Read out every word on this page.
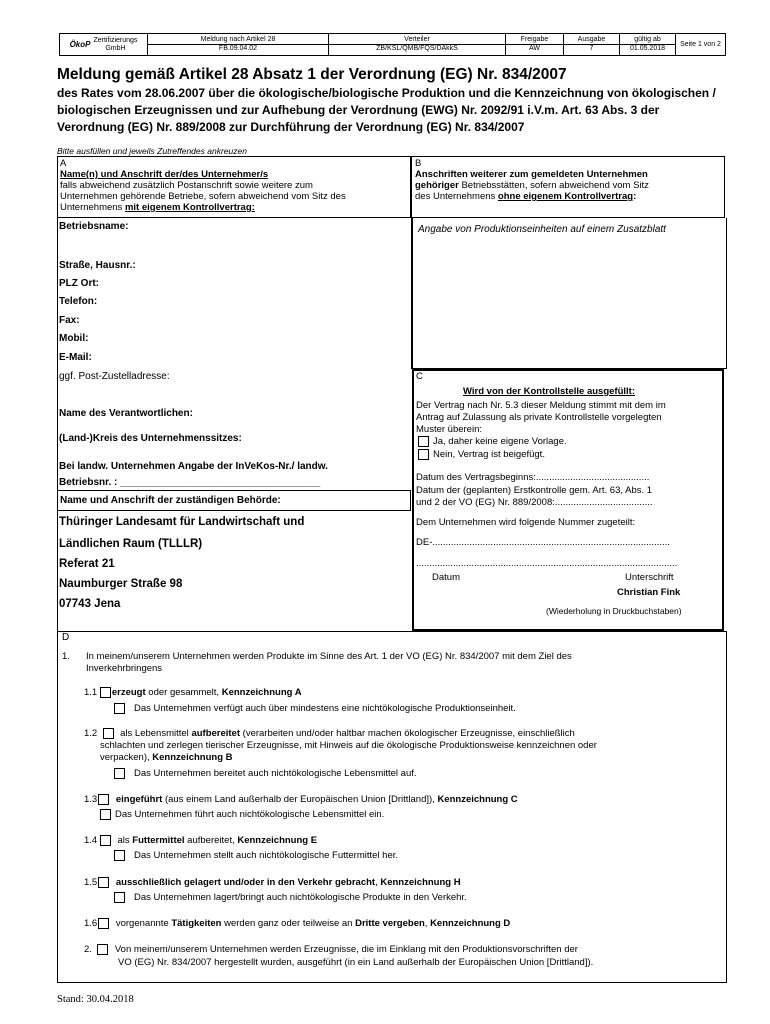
ÖkoP Zertifizierungs
GmbH
Meldung nach Artikel 28
FB.09.04.02
Verteiler
ZB/KSL/QMB/FQS/DAkkS
Freigabe
AW
Ausgabe
7
gültig ab
01.05.2018
Seite 1 von 2
Meldung gemäß Artikel 28 Absatz 1 der Verordnung (EG) Nr. 834/2007
des Rates vom 28.06.2007 über die ökologische/biologische Produktion und die Kennzeichnung von ökologischen / biologischen Erzeugnissen und zur Aufhebung der Verordnung (EWG) Nr. 2092/91 i.V.m. Art. 63 Abs. 3 der Verordnung (EG) Nr. 889/2008 zur Durchführung der Verordnung (EG) Nr. 834/2007
Bitte ausfüllen und jeweils Zutreffendes ankreuzen
A
Name(n) und Anschrift der/des Unternehmer/s
falls abweichend zusätzlich Postanschrift sowie weitere zum
Unternehmen gehörende Betriebe, sofern abweichend vom Sitz des
Unternehmens mit eigenem Kontrollvertrag:
B
Anschriften weiterer zum gemeldeten Unternehmen
gehöriger Betriebsstätten, sofern abweichend vom Sitz
des Unternehmens ohne eigenem Kontrollvertrag:
Angabe von Produktionseinheiten auf einem Zusatzblatt
Betriebsname:
Straße, Hausnr.:
PLZ Ort:
Telefon:
Fax:
Mobil:
E-Mail:
ggf. Post-Zustelladresse:
Name des Verantwortlichen:
(Land-)Kreis des Unternehmenssitzes:
Bei landw. Unternehmen Angabe der InVeKos-Nr./ landw.
Betriebsnr. : ____________________________________
Name und Anschrift der zuständigen Behörde:
Thüringer Landesamt für Landwirtschaft und
Ländlichen Raum (TLLLR)
Referat 21
Naumburger Straße 98
07743 Jena
C
Wird von der Kontrollstelle ausgefüllt:
Der Vertrag nach Nr. 5.3 dieser Meldung stimmt mit dem im
Antrag auf Zulassung als private Kontrollstelle vorgelegten
Muster überein:
Ja, daher keine eigene Vorlage.
Nein, Vertrag ist beigefügt.
Datum des Vertragsbeginns:...........................................
Datum der (geplanten) Erstkontrolle gem. Art. 63, Abs. 1
und 2 der VO (EG) Nr. 889/2008:.....................................
Dem Unternehmen wird folgende Nummer zugeteilt:
DE-..........................................................................................
...................................................................................................
Datum	Unterschrift
Christian Fink
(Wiederholung in Druckbuchstaben)
D
1. In meinem/unserem Unternehmen werden Produkte im Sinne des Art. 1 der VO (EG) Nr. 834/2007 mit dem Ziel des
Inverkehrbringens
1.1 erzeugt oder gesammelt, Kennzeichnung A
Das Unternehmen verfügt auch über mindestens eine nichtökologische Produktionseinheit.
1.2 als Lebensmittel aufbereitet (verarbeiten und/oder haltbar machen ökologischer Erzeugnisse, einschließlich
schlachten und zerlegen tierischer Erzeugnisse, mit Hinweis auf die ökologische Produktionsweise kennzeichnen oder
verpacken), Kennzeichnung B
Das Unternehmen bereitet auch nichtökologische Lebensmittel auf.
1.3 eingeführt (aus einem Land außerhalb der Europäischen Union [Drittland]), Kennzeichnung C
Das Unternehmen führt auch nichtökologische Lebensmittel ein.
1.4 als Futtermittel aufbereitet, Kennzeichnung E
Das Unternehmen stellt auch nichtökologische Futtermittel her.
1.5 ausschließlich gelagert und/oder in den Verkehr gebracht, Kennzeichnung H
Das Unternehmen lagert/bringt auch nichtökologische Produkte in den Verkehr.
1.6 vorgenannte Tätigkeiten werden ganz oder teilweise an Dritte vergeben, Kennzeichnung D
2. Von meinem/unserem Unternehmen werden Erzeugnisse, die im Einklang mit den Produktionsvorschriften der
VO (EG) Nr. 834/2007 hergestellt wurden, ausgeführt (in ein Land außerhalb der Europäischen Union [Drittland]).
Stand: 30.04.2018
